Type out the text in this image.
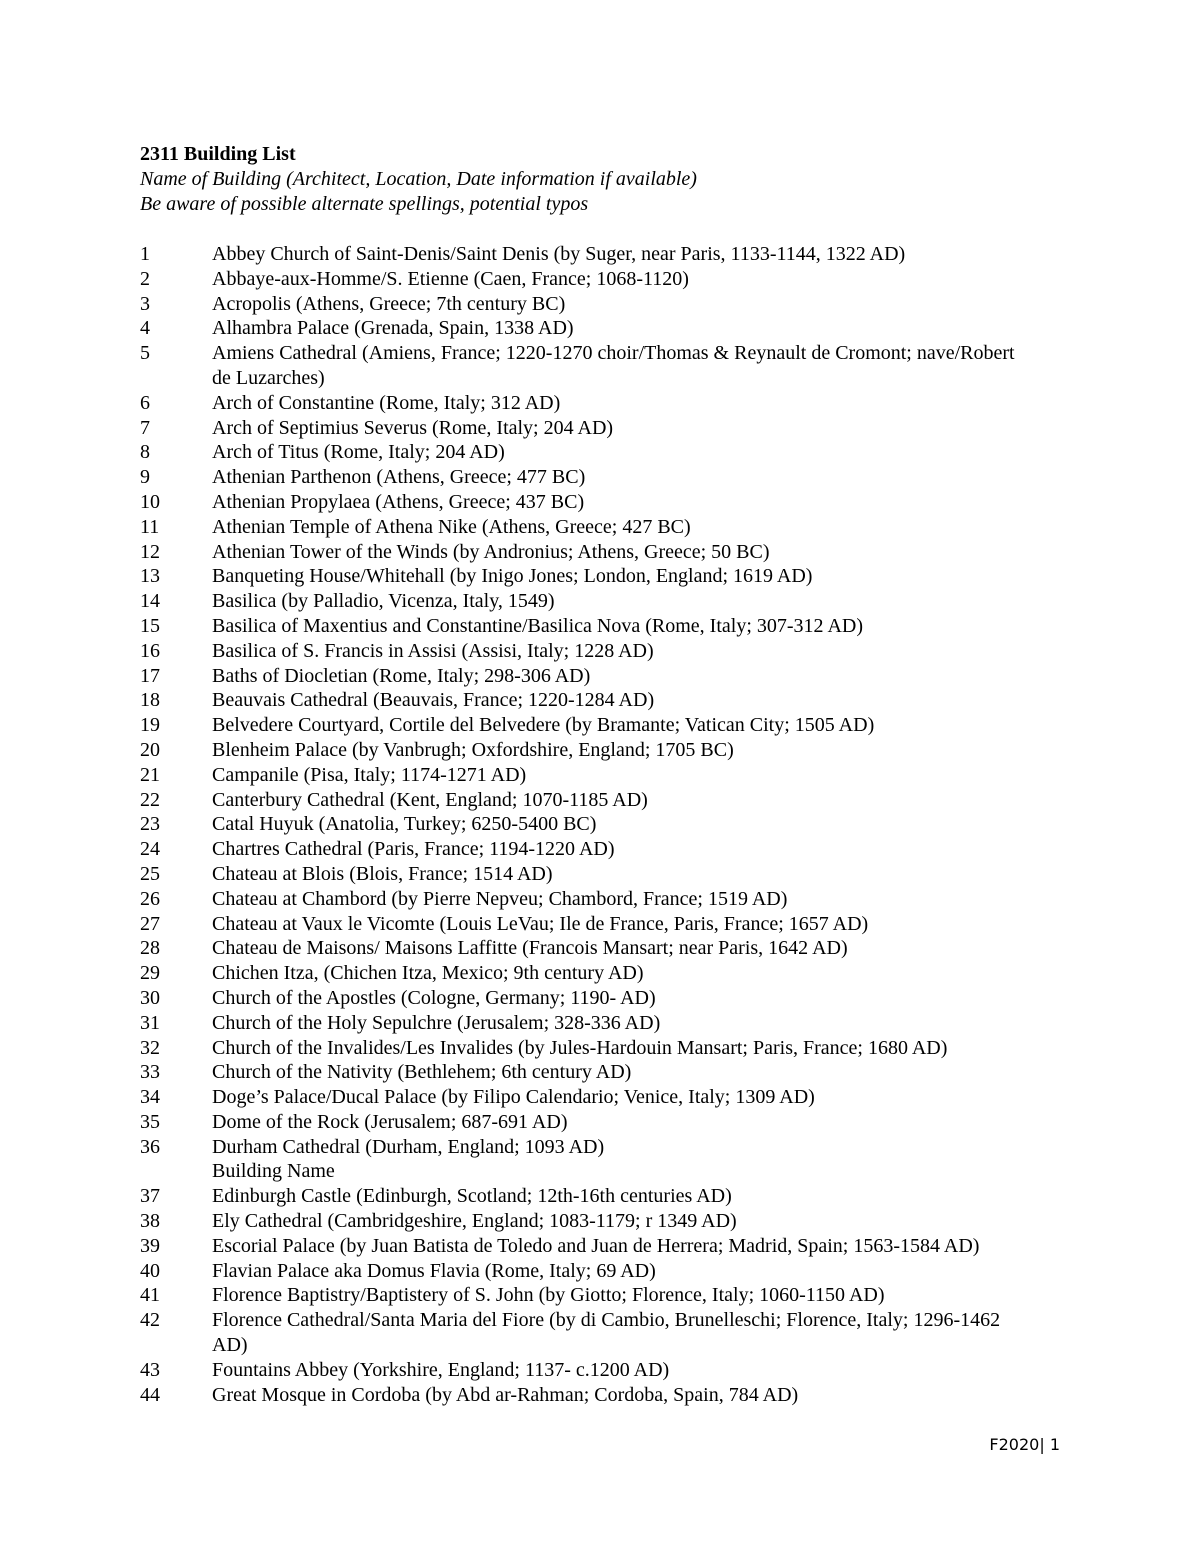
2311 Building List
Name of Building (Architect, Location, Date information if available)
Be aware of possible alternate spellings, potential typos
1	Abbey Church of Saint-Denis/Saint Denis (by Suger, near Paris, 1133-1144, 1322 AD)
2	Abbaye-aux-Homme/S. Etienne (Caen, France; 1068-1120)
3	Acropolis (Athens, Greece; 7th century BC)
4	Alhambra Palace (Grenada, Spain, 1338 AD)
5	Amiens Cathedral (Amiens, France; 1220-1270 choir/Thomas & Reynault de Cromont; nave/Robert de Luzarches)
6	Arch of Constantine (Rome, Italy; 312 AD)
7	Arch of Septimius Severus (Rome, Italy; 204 AD)
8	Arch of Titus (Rome, Italy; 204 AD)
9	Athenian Parthenon (Athens, Greece; 477 BC)
10	Athenian Propylaea (Athens, Greece; 437 BC)
11	Athenian Temple of Athena Nike (Athens, Greece; 427 BC)
12	Athenian Tower of the Winds (by Andronius; Athens, Greece; 50 BC)
13	Banqueting House/Whitehall (by Inigo Jones; London, England; 1619 AD)
14	Basilica (by Palladio, Vicenza, Italy, 1549)
15	Basilica of Maxentius and Constantine/Basilica Nova (Rome, Italy; 307-312 AD)
16	Basilica of S. Francis in Assisi (Assisi, Italy; 1228 AD)
17	Baths of Diocletian (Rome, Italy; 298-306 AD)
18	Beauvais Cathedral (Beauvais, France; 1220-1284 AD)
19	Belvedere Courtyard, Cortile del Belvedere (by Bramante; Vatican City; 1505 AD)
20	Blenheim Palace (by Vanbrugh; Oxfordshire, England; 1705 BC)
21	Campanile (Pisa, Italy; 1174-1271 AD)
22	Canterbury Cathedral (Kent, England; 1070-1185 AD)
23	Catal Huyuk (Anatolia, Turkey; 6250-5400 BC)
24	Chartres Cathedral (Paris, France; 1194-1220 AD)
25	Chateau at Blois (Blois, France; 1514 AD)
26	Chateau at Chambord (by Pierre Nepveu; Chambord, France; 1519 AD)
27	Chateau at Vaux le Vicomte (Louis LeVau; Ile de France, Paris, France; 1657 AD)
28	Chateau de Maisons/ Maisons Laffitte (Francois Mansart; near Paris, 1642 AD)
29	Chichen Itza, (Chichen Itza, Mexico; 9th century AD)
30	Church of the Apostles (Cologne, Germany; 1190- AD)
31	Church of the Holy Sepulchre (Jerusalem; 328-336 AD)
32	Church of the Invalides/Les Invalides (by Jules-Hardouin Mansart; Paris, France; 1680 AD)
33	Church of the Nativity (Bethlehem; 6th century AD)
34	Doge’s Palace/Ducal Palace (by Filipo Calendario; Venice, Italy; 1309 AD)
35	Dome of the Rock (Jerusalem; 687-691 AD)
36	Durham Cathedral (Durham, England; 1093 AD)
Building Name
37	Edinburgh Castle (Edinburgh, Scotland; 12th-16th centuries AD)
38	Ely Cathedral (Cambridgeshire, England; 1083-1179; r 1349 AD)
39	Escorial Palace (by Juan Batista de Toledo and Juan de Herrera; Madrid, Spain; 1563-1584 AD)
40	Flavian Palace aka Domus Flavia (Rome, Italy; 69 AD)
41	Florence Baptistry/Baptistery of S. John (by Giotto; Florence, Italy; 1060-1150 AD)
42	Florence Cathedral/Santa Maria del Fiore (by di Cambio, Brunelleschi; Florence, Italy; 1296-1462 AD)
43	Fountains Abbey (Yorkshire, England; 1137- c.1200 AD)
44	Great Mosque in Cordoba (by Abd ar-Rahman; Cordoba, Spain, 784 AD)
F2020| 1
